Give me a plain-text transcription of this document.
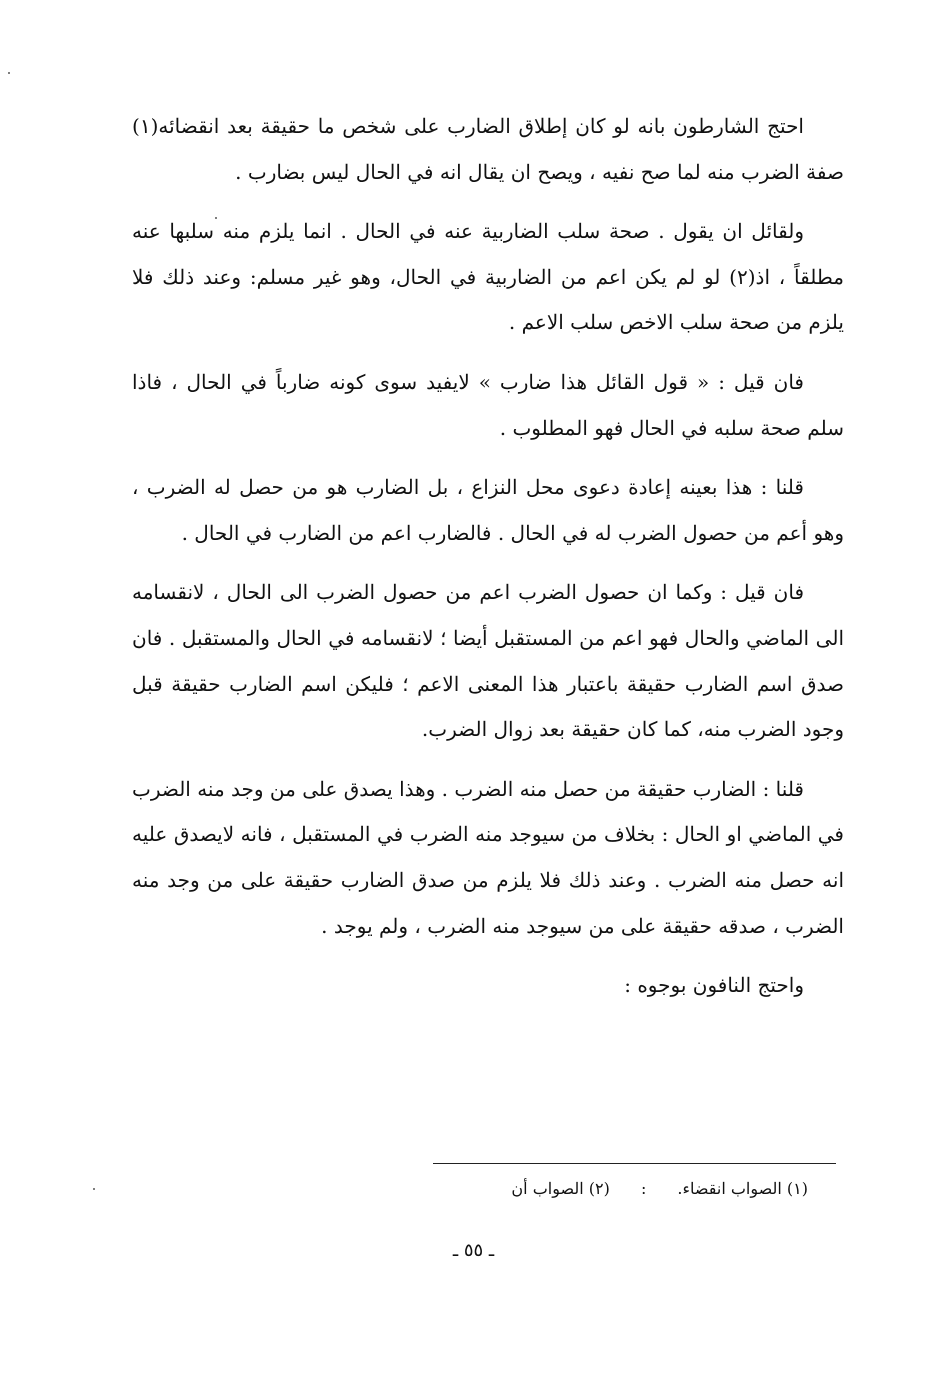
احتج الشارطون بانه لو كان إطلاق الضارب على شخص ما حقيقة بعد انقضائه(١) صفة الضرب منه لما صح نفيه ، ويصح ان يقال انه في الحال ليس بضارب .

ولقائل ان يقول . صحة سلب الضاربية عنه في الحال . انما يلزم منه سلبها عنه مطلقاً ، اذ(٢) لو لم يكن اعم من الضاربية في الحال، وهو غير مسلم: وعند ذلك فلا يلزم من صحة سلب الاخص سلب الاعم .

فان قيل : « قول القائل هذا ضارب » لايفيد سوى كونه ضارباً في الحال ، فاذا سلم صحة سلبه في الحال فهو المطلوب .

قلنا : هذا بعينه إعادة دعوى محل النزاع ، بل الضارب هو من حصل له الضرب ، وهو أعم من حصول الضرب له في الحال . فالضارب اعم من الضارب في الحال .

فان قيل : وكما ان حصول الضرب اعم من حصول الضرب الى الحال ، لانقسامه الى الماضي والحال فهو اعم من المستقبل أيضا ؛ لانقسامه في الحال والمستقبل . فان صدق اسم الضارب حقيقة باعتبار هذا المعنى الاعم ؛ فليكن اسم الضارب حقيقة قبل وجود الضرب منه، كما كان حقيقة بعد زوال الضرب.

قلنا : الضارب حقيقة من حصل منه الضرب . وهذا يصدق على من وجد منه الضرب في الماضي او الحال : بخلاف من سيوجد منه الضرب في المستقبل ، فانه لايصدق عليه انه حصل منه الضرب . وعند ذلك فلا يلزم من صدق الضارب حقيقة على من وجد منه الضرب ، صدقه حقيقة على من سيوجد منه الضرب ، ولم يوجد .

واحتج النافون بوجوه :

(١) الصواب انقضاء. : (٢) الصواب أن
ـ ٥٥ ـ
